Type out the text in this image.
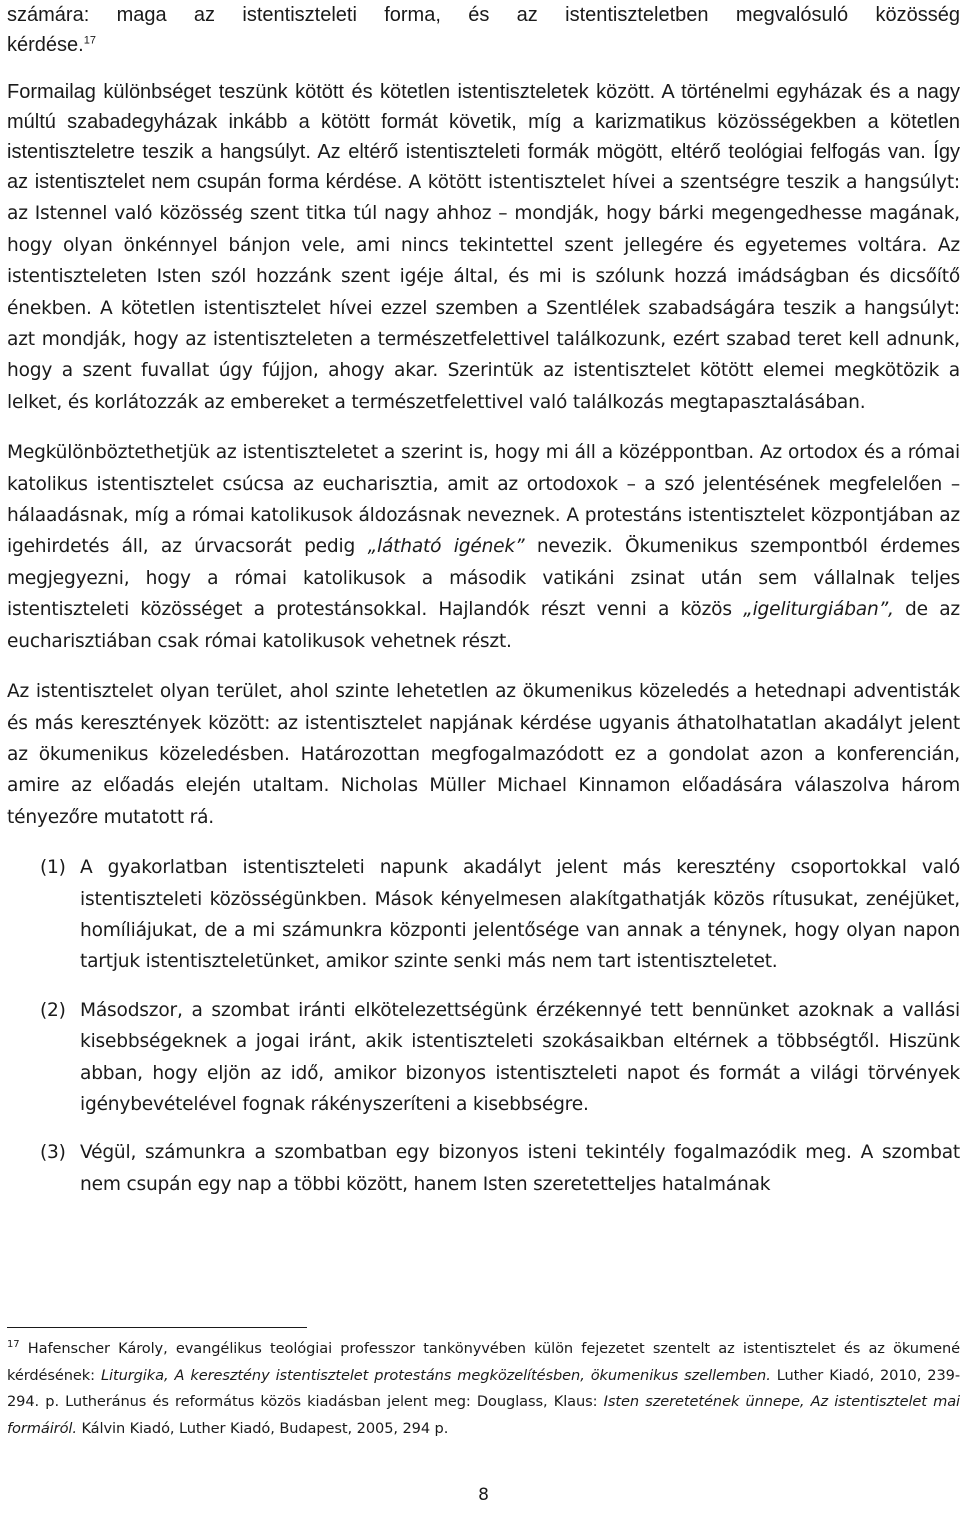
számára: maga az istentiszteleti forma, és az istentiszteletben megvalósuló közösség

kérdése.$^{17}$

Formailag különbséget teszünk kötött és kötetlen istentiszteletek között. A történelmi egyházak és a nagy múltú szabadegyházak inkább a kötött formát követik, míg a karizmatikus közösségekben a kötetlen istentiszteletre teszik a hangsúlyt. Az eltérő istentiszteleti formák mögött, eltérő teológiai felfogás van. Így az istentisztelet nem csupán forma kérdése. A kötött istentisztelet hívei a szentségre teszik a hangsúlyt: az Istennel való közösség szent titka túl nagy ahhoz – mondják, hogy bárki megengedhesse magának, hogy olyan önkénnyel bánjon vele, ami nincs tekintettel szent jellegére és egyetemes voltára. Az istentiszteleten Isten szól hozzánk szent igéje által, és mi is szólunk hozzá imádságban és dicsőítő énekben. A kötetlen istentisztelet hívei ezzel szemben a Szentlélek szabadságára teszik a hangsúlyt: azt mondják, hogy az istentiszteleten a természetfelettivel találkozunk, ezért szabad teret kell adnunk, hogy a szent fuvallat úgy fújjon, ahogy akar. Szerintük az istentisztelet kötött elemei megkötözik a lelket, és korlátozzák az embereket a természetfelettivel való találkozás megtapasztalásában.

Megkülönböztethetjük az istentiszteletet a szerint is, hogy mi áll a középpontban. Az ortodox és a római katolikus istentisztelet csúcsa az eucharisztia, amit az ortodoxok – a szó jelentésének megfelelően – hálaadásnak, míg a római katolikusok áldozásnak neveznek. A protestáns istentisztelet központjában az igehirdetés áll, az úrvacsorát pedig „látható igének” nevezik. Ökumenikus szempontból érdemes megjegyezni, hogy a római katolikusok a második vatikáni zsinat után sem vállalnak teljes istentiszteleti közösséget a protestánsokkal. Hajlandók részt venni a közös „igeliturgiában”, de az eucharisztiában csak római katolikusok vehetnek részt.

Az istentisztelet olyan terület, ahol szinte lehetetlen az ökumenikus közeledés a hetednapi adventisták és más keresztények között: az istentisztelet napjának kérdése ugyanis áthatolhatatlan akadályt jelent az ökumenikus közeledésben. Határozottan megfogalmazódott ez a gondolat azon a konferencián, amire az előadás elején utaltam. Nicholas Müller Michael Kinnamon előadására válaszolva három tényezőre mutatott rá.

(1) A gyakorlatban istentiszteleti napunk akadályt jelent más keresztény csoportokkal való istentiszteleti közösségünkben. Mások kényelmesen alakítgathatják közös rítusukat, zenéjüket, homíliájukat, de a mi számunkra központi jelentősége van annak a ténynek, hogy olyan napon tartjuk istentiszteletünket, amikor szinte senki más nem tart istentiszteletet.

(2) Másodszor, a szombat iránti elkötelezettségünk érzékennyé tett bennünket azoknak a vallási kisebbségeknek a jogai iránt, akik istentiszteleti szokásaikban eltérnek a többségtől. Hiszünk abban, hogy eljön az idő, amikor bizonyos istentiszteleti napot és formát a világi törvények igénybevételével fognak rákényszeríteni a kisebbségre.

(3) Végül, számunkra a szombatban egy bizonyos isteni tekintély fogalmazódik meg. A szombat nem csupán egy nap a többi között, hanem Isten szeretetteljes hatalmának

$^{17}$ Hafenscher Károly, evangélikus teológiai professzor tankönyvében külön fejezetet szentelt az istentisztelet és az ökumené kérdésének: Liturgika, A keresztény istentisztelet protestáns megközelítésben, ökumenikus szellemben. Luther Kiadó, 2010, 239-294. p. Lutheránus és református közös kiadásban jelent meg: Douglass, Klaus: Isten szeretetének ünnepe, Az istentisztelet mai formáiról. Kálvin Kiadó, Luther Kiadó, Budapest, 2005, 294 p.

8
